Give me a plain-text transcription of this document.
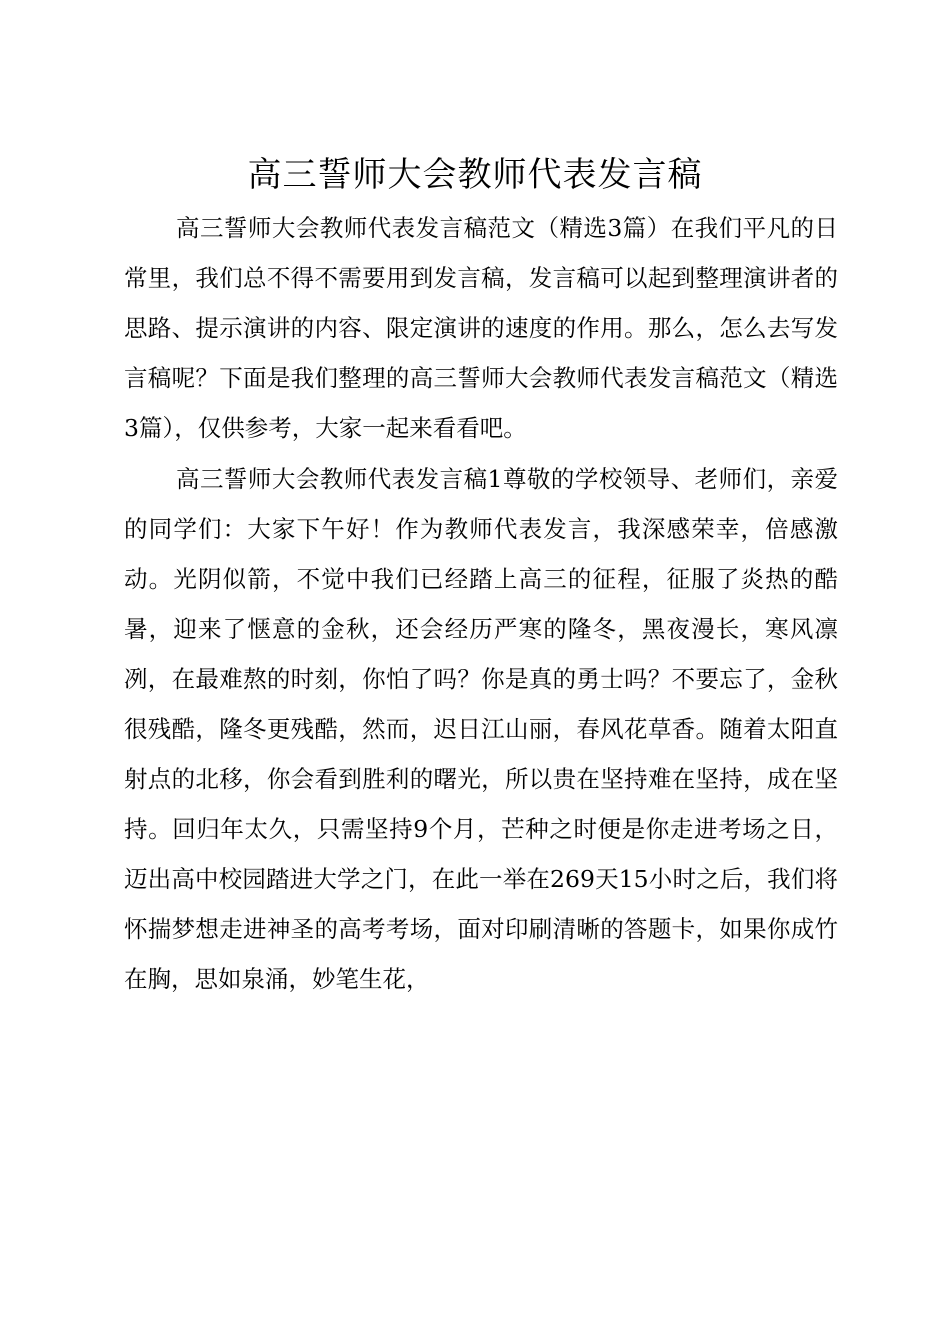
高三誓师大会教师代表发言稿

高三誓师大会教师代表发言稿范文（精选3篇）在我们平凡的日常里，我们总不得不需要用到发言稿，发言稿可以起到整理演讲者的思路、提示演讲的内容、限定演讲的速度的作用。那么，怎么去写发言稿呢？下面是我们整理的高三誓师大会教师代表发言稿范文（精选3篇），仅供参考，大家一起来看看吧。

高三誓师大会教师代表发言稿1尊敬的学校领导、老师们，亲爱的同学们：大家下午好！作为教师代表发言，我深感荣幸，倍感激动。光阴似箭，不觉中我们已经踏上高三的征程，征服了炎热的酷暑，迎来了惬意的金秋，还会经历严寒的隆冬，黑夜漫长，寒风凛冽，在最难熬的时刻，你怕了吗？你是真的勇士吗？不要忘了，金秋很残酷，隆冬更残酷，然而，迟日江山丽，春风花草香。随着太阳直射点的北移，你会看到胜利的曙光，所以贵在坚持难在坚持，成在坚持。回归年太久，只需坚持9个月，芒种之时便是你走进考场之日，迈出高中校园踏进大学之门，在此一举在269天15小时之后，我们将怀揣梦想走进神圣的高考考场，面对印刷清晰的答题卡，如果你成竹在胸，思如泉涌，妙笔生花，
